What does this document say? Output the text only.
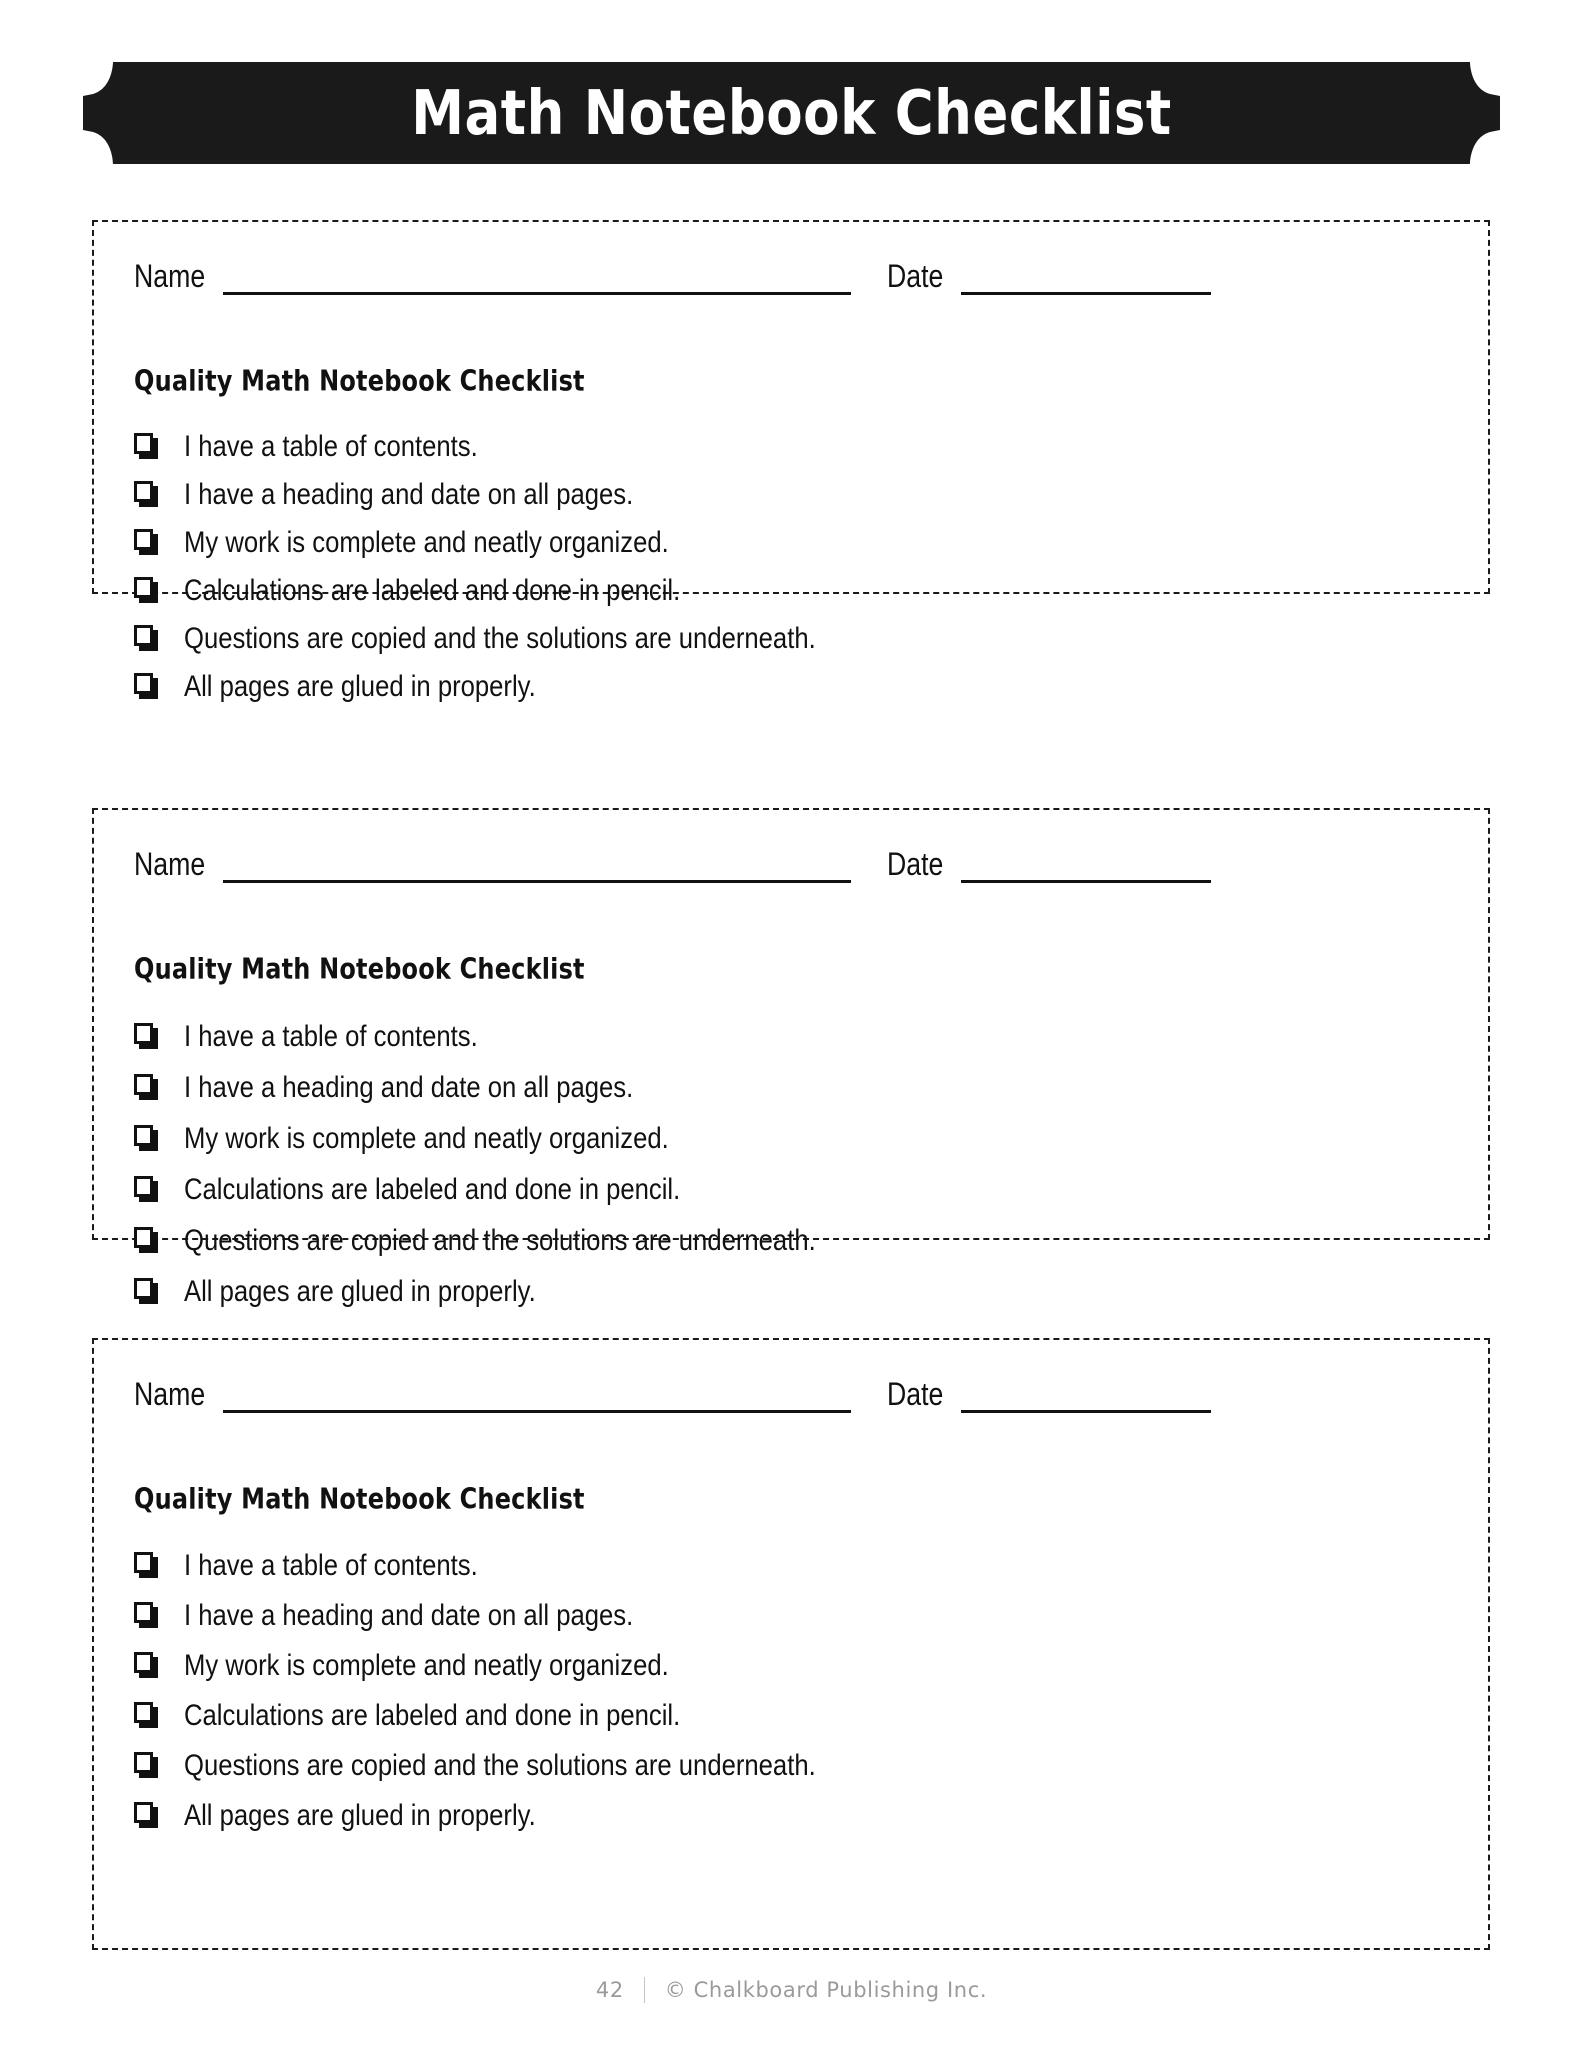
Math Notebook Checklist
Name	Date
Quality Math Notebook Checklist
I have a table of contents.
I have a heading and date on all pages.
My work is complete and neatly organized.
Calculations are labeled and done in pencil.
Questions are copied and the solutions are underneath.
All pages are glued in properly.
Name	Date
Quality Math Notebook Checklist
I have a table of contents.
I have a heading and date on all pages.
My work is complete and neatly organized.
Calculations are labeled and done in pencil.
Questions are copied and the solutions are underneath.
All pages are glued in properly.
Name	Date
Quality Math Notebook Checklist
I have a table of contents.
I have a heading and date on all pages.
My work is complete and neatly organized.
Calculations are labeled and done in pencil.
Questions are copied and the solutions are underneath.
All pages are glued in properly.
42 © Chalkboard Publishing Inc.
